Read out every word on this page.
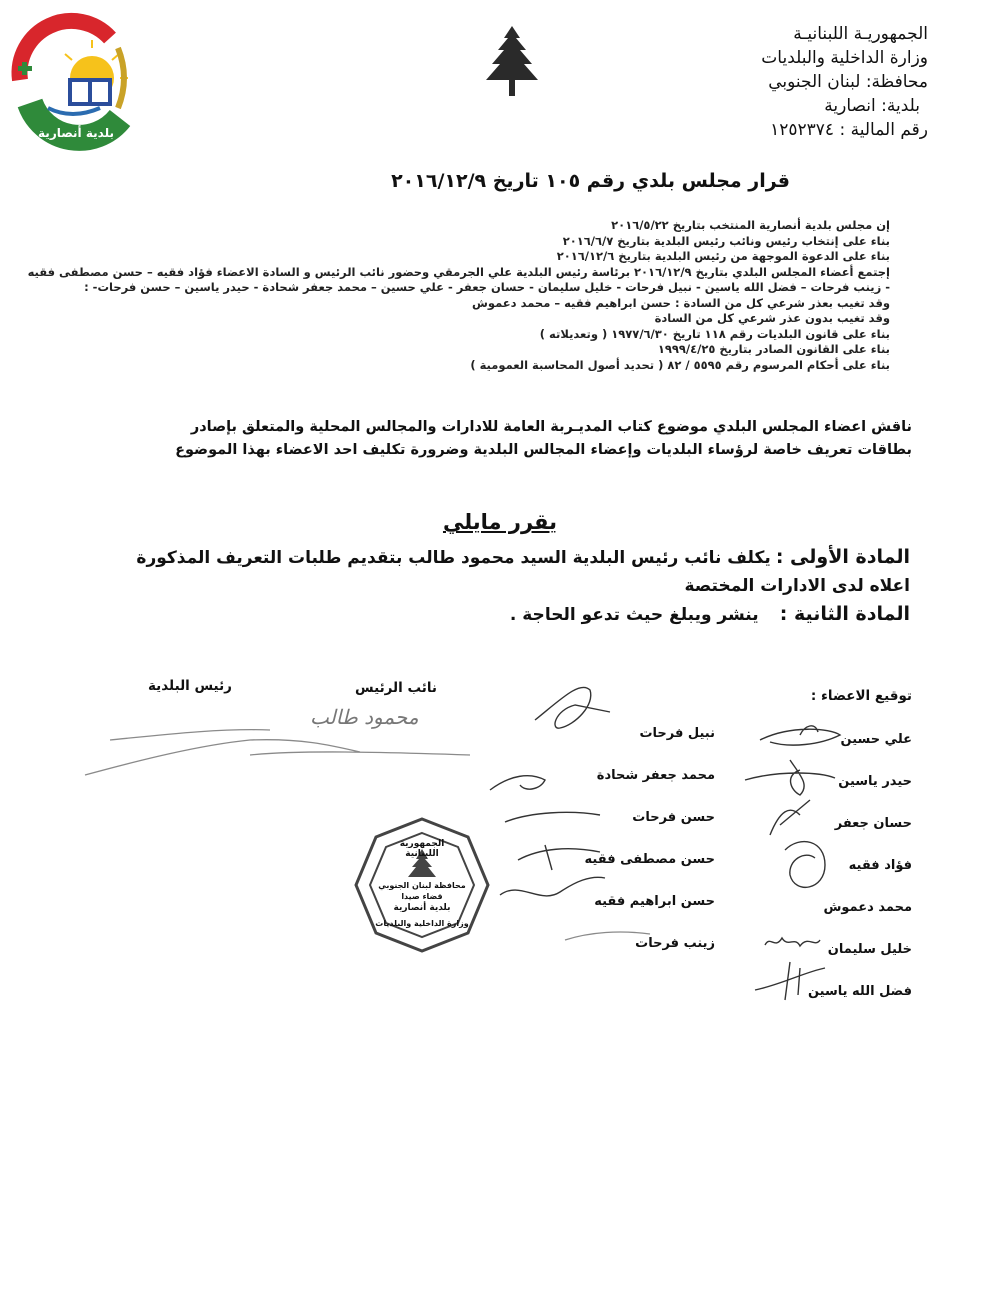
بلدية أنصارية
الجمهوريـة اللبنانيـة
وزارة الداخلية والبلديات
محافظة: لبنان الجنوبي
بلدية: انصارية
رقم المالية : ١٢٥٢٣٧٤
قرار مجلس بلدي رقم ١٠٥ تاريخ ٢٠١٦/١٢/٩
إن مجلس بلدية أنصارية المنتخب بتاريخ ٢٠١٦/٥/٢٢
بناء على إنتخاب رئيس ونائب رئيس البلدية بتاريخ ٢٠١٦/٦/٧
بناء على الدعوة الموجهة من رئيس البلدية بتاريخ ٢٠١٦/١٢/٦
إجتمع أعضاء المجلس البلدي بتاريخ ٢٠١٦/١٢/٩ برئاسة رئيس البلدية علي الجرمقي وحضور نائب الرئيس و السادة الاعضاء فؤاد فقيه – حسن مصطفى فقيه
- زينب فرحات – فضل الله ياسين - نبيل فرحات - خليل سليمان - حسان جعفر - علي حسين – محمد جعفر شحادة - حيدر ياسين – حسن فرحات- :
وقد تغيب بعذر شرعي كل من السادة : حسن ابراهيم فقيه – محمد دعموش
وقد تغيب بدون عذر شرعي كل من السادة
بناء على قانون البلديات رقم ١١٨ تاريخ ١٩٧٧/٦/٣٠ ( وتعديلاته )
بناء على القانون الصادر بتاريخ ١٩٩٩/٤/٢٥
بناء على أحكام المرسوم رقم ٥٥٩٥ / ٨٢ ( تحديد أصول المحاسبة العمومية )
ناقش اعضاء المجلس البلدي موضوع كتاب المديـربة العامة للادارات والمجالس المحلية والمتعلق بإصادر بطاقات تعريف خاصة لرؤساء البلديات وإعضاء المجالس البلدية وضرورة تكليف احد الاعضاء بهذا الموضوع
يقرر مايلي
المادة الأولى : يكلف نائب رئيس البلدية السيد محمود طالب بتقديم طلبات التعريف المذكورة اعلاه لدى الادارات المختصة
المادة الثانية : ينشر ويبلغ حيث تدعو الحاجة .
توقيع الاعضاء :
نائب الرئيس
رئيس البلدية
علي حسين
حيدر ياسين
حسان جعفر
فؤاد فقيه
محمد دعموش
خليل سليمان
فضل الله ياسين
نبيل فرحات
محمد جعفر شحادة
حسن فرحات
حسن مصطفى فقيه
حسن ابراهيم فقيه
زينب فرحات
محمود طالب
الجمهورية اللبنانية
محافظة لبنان الجنوبي
قضاء صيدا
بلدية أنصارية
وزارة الداخلية والبلديات
